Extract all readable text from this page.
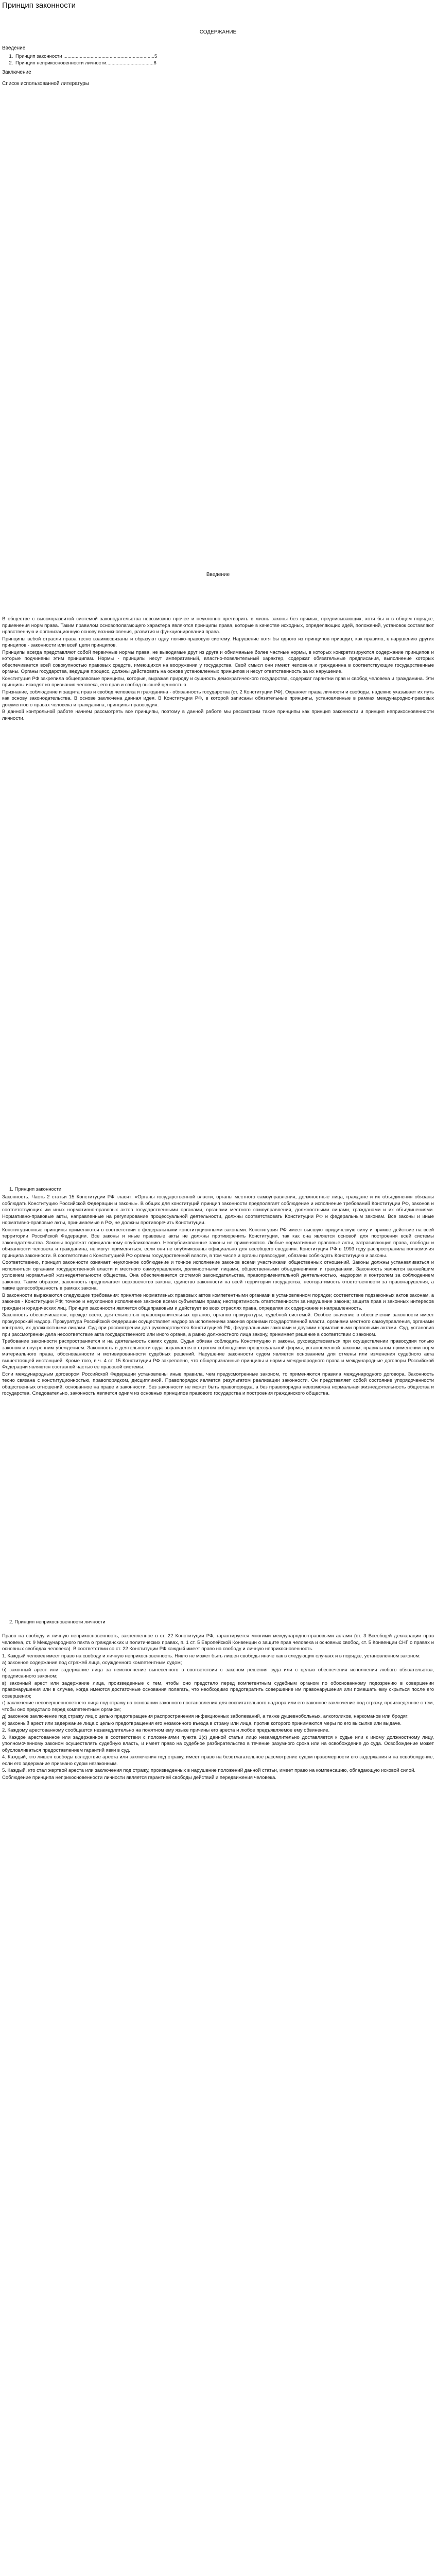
Принцип законности
СОДЕРЖАНИЕ
Введение
1. Принцип законности ...................................................................5
2. Принцип неприкосновенности личности...................................6
Заключение
Список использованной литературы
Введение

В обществе с высокоразвитой системой законодательства невозможно прочее и неуклонно претворить в жизнь законы без прямых, предписывающих, хотя бы и в общем порядке, применения норм права. Таким правилом основополагающего характера являются принципы права, которые в качестве исходных, определяющих идей, положений, установок составляют нравственную и организационную основу возникновения, развития и функционирования права.

Принципы вебой отрасли права тесно взаимосвязаны и образуют одну логико-правовую систему. Нарушение хотя бы одного из принципов приводит, как правило, к нарушению других принципов - законности или всей цепи принципов.

Принципы всегда представляют собой первичные нормы права, не выводимые друг из друга и обниманьые более частные нормы, в которых конкретизируются содержание принципов и которые подчинены этим принципам. Нормы - принципы несут императивный, властно-повелительный характер, содержат обязательные предписания, выполнение которых обеспечивается всей совокупностью правовых средств, имеющихся на вооружении у государства. Свой смысл они имеют человека и гражданина в соответствующие государственные органы. Органы государства, ведущие процесс, должны действовать на основе установленных принципов и несут ответственность за их нарушение.

Конституция РФ закрепила общеправовые принципы, которые, выражая природу и сущность демократического государства, содержат гарантии прав и свобод человека и гражданина. Эти принципы исходят из признания человека, его прав и свобод высшей ценностью.

Признание, соблюдение и защита прав и свобод человека и гражданина - обязанность государства (ст. 2 Конституции РФ). Охраняет права личности и свободы, надежно указывает их путь как основу законодательства. В основе заключена данная идея. В Конституции РФ, в которой записаны обязательные принципы, установленные в рамках международно-правовых документов о правах человека и гражданина, принципы правосудия.

В данной контрольной работе начнем рассмотреть все принципы, поэтому в данной работе мы рассмотрим такие принципы как принцип законности и принцип неприкосновенности личности.

1. Принцип законности

Законность. Часть 2 статьи 15 Конституции РФ гласит: «Органы государственной власти, органы местного самоуправления, должностные лица, граждане и их объединения обязаны соблюдать Конституцию Российской Федерации и законы». В общих для конституций принцип законности предполагает соблюдение и исполнение требований Конституции РФ, законов и соответствующих им иных нормативно-правовых актов государственными органами, органами местного самоуправления, должностными лицами, гражданами и их объединениями. Нормативно-правовые акты, направленные на регулирование процессуальной деятельности, должны соответствовать Конституции РФ и федеральным законам. Все законы и иные нормативно-правовые акты, принимаемые в РФ, не должны противоречить Конституции.

Конституционные принципы применяются в соответствии с федеральными конституционными законами. Конституция РФ имеет высшую юридическую силу и прямое действие на всей территории Российской Федерации. Все законы и иные правовые акты не должны противоречить Конституции, так как она является основой для построения всей системы законодательства. Законы подлежат официальному опубликованию. Неопубликованные законы не применяются. Любые нормативные правовые акты, затрагивающие права, свободы и обязанности человека и гражданина, не могут применяться, если они не опубликованы официально для всеобщего сведения. Конституция РФ в 1993 году распространила полномочия принципа законности. В соответствии с Конституцией РФ органы государственной власти, в том числе и органы правосудия, обязаны соблюдать Конституцию и законы.

Соответственно, принцип законности означает неуклонное соблюдение и точное исполнение законов всеми участниками общественных отношений. Законы должны устанавливаться и исполняться органами государственной власти и местного самоуправления, должностными лицами, общественными объединениями и гражданами. Законность является важнейшим условием нормальной жизнедеятельности общества. Она обеспечивается системой законодательства, правоприменительной деятельностью, надзором и контролем за соблюдением законов. Таким образом, законность предполагает верховенство закона, единство законности на всей территории государства, неотвратимость ответственности за правонарушения, а также целесообразность в рамках закона.

В законности выражаются следующие требования: принятие нормативных правовых актов компетентными органами в установленном порядке; соответствие подзаконных актов законам, а законов - Конституции РФ; точное и неуклонное исполнение законов всеми субъектами права; неотвратимость ответственности за нарушение закона; защита прав и законных интересов граждан и юридических лиц. Принцип законности является общеправовым и действует во всех отраслях права, определяя их содержание и направленность.

Законность обеспечивается, прежде всего, деятельностью правоохранительных органов, органов прокуратуры, судебной системой. Особое значение в обеспечении законности имеет прокурорский надзор. Прокуратура Российской Федерации осуществляет надзор за исполнением законов органами государственной власти, органами местного самоуправления, органами контроля, их должностными лицами. Суд при рассмотрении дел руководствуется Конституцией РФ, федеральными законами и другими нормативными правовыми актами. Суд, установив при рассмотрении дела несоответствие акта государственного или иного органа, а равно должностного лица закону, принимает решение в соответствии с законом.

Требование законности распространяется и на деятельность самих судов. Судья обязан соблюдать Конституцию и законы, руководствоваться при осуществлении правосудия только законом и внутренним убеждением. Законность в деятельности суда выражается в строгом соблюдении процессуальной формы, установленной законом, правильном применении норм материального права, обоснованности и мотивированности судебных решений. Нарушение законности судом является основанием для отмены или изменения судебного акта вышестоящей инстанцией. Кроме того, в ч. 4 ст. 15 Конституции РФ закреплено, что общепризнанные принципы и нормы международного права и международные договоры Российской Федерации являются составной частью ее правовой системы.

Если международным договором Российской Федерации установлены иные правила, чем предусмотренные законом, то применяются правила международного договора. Законность тесно связана с конституционностью, правопорядком, дисциплиной. Правопорядок является результатом реализации законности. Он представляет собой состояние упорядоченности общественных отношений, основанное на праве и законности. Без законности не может быть правопорядка, а без правопорядка невозможна нормальная жизнедеятельность общества и государства. Следовательно, законность является одним из основных принципов правового государства и построения гражданского общества.

2. Принцип неприкосновенности личности

Право на свободу и личную неприкосновенность, закрепленное в ст. 22 Конституции РФ, гарантируется многими международно-правовыми актами (ст. 3 Всеобщей декларации прав человека, ст. 9 Международного пакта о гражданских и политических правах, п. 1 ст. 5 Европейской Конвенции о защите прав человека и основных свобод, ст. 5 Конвенции СНГ о правах и основных свободах человека). В соответствии со ст. 22 Конституции РФ каждый имеет право на свободу и личную неприкосновенность.

1. Каждый человек имеет право на свободу и личную неприкосновенность. Никто не может быть лишен свободы иначе как в следующих случаях и в порядке, установленном законом:

а) законное содержание под стражей лица, осужденного компетентным судом;

б) законный арест или задержание лица за неисполнение вынесенного в соответствии с законом решения суда или с целью обеспечения исполнения любого обязательства, предписанного законом;

в) законный арест или задержание лица, произведенные с тем, чтобы оно предстало перед компетентным судебным органом по обоснованному подозрению в совершении правонарушения или в случае, когда имеются достаточные основания полагать, что необходимо предотвратить совершение им правонарушения или помешать ему скрыться после его совершения;

г) заключение несовершеннолетнего лица под стражу на основании законного постановления для воспитательного надзора или его законное заключение под стражу, произведенное с тем, чтобы оно предстало перед компетентным органом;

д) законное заключение под стражу лиц с целью предотвращения распространения инфекционных заболеваний, а также душевнобольных, алкоголиков, наркоманов или бродяг;

е) законный арест или задержание лица с целью предотвращения его незаконного въезда в страну или лица, против которого принимаются меры по его высылке или выдаче.

2. Каждому арестованному сообщается незамедлительно на понятном ему языке причины его ареста и любое предъявляемое ему обвинение.

3. Каждое арестованное или задержанное в соответствии с положениями пункта 1(с) данной статьи лицо незамедлительно доставляется к судье или к иному должностному лицу, уполномоченному законом осуществлять судебную власть, и имеет право на судебное разбирательство в течение разумного срока или на освобождение до суда. Освобождение может обусловливаться предоставлением гарантий явки в суд.

4. Каждый, кто лишен свободы вследствие ареста или заключения под стражу, имеет право на безотлагательное рассмотрение судом правомерности его задержания и на освобождение, если его задержание признано судом незаконным.

5. Каждый, кто стал жертвой ареста или заключения под стражу, произведенных в нарушение положений данной статьи, имеет право на компенсацию, обладающую исковой силой.

Соблюдение принципа неприкосновенности личности является гарантией свободы действий и передвижения человека.
